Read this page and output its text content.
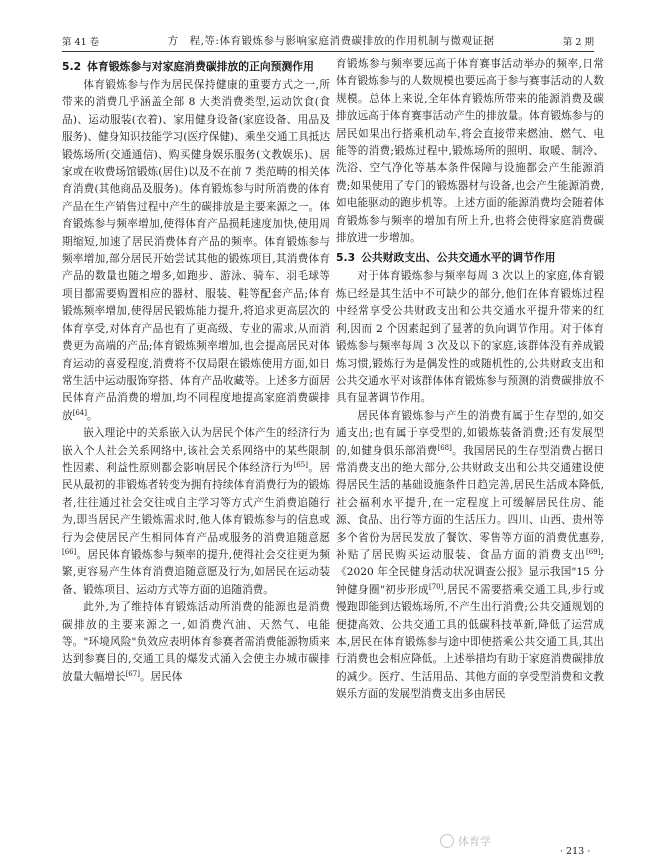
第 41 卷	方　程,等:体育锻炼参与影响家庭消费碳排放的作用机制与微观证据	第 2 期
5.2 体育锻炼参与对家庭消费碳排放的正向预测作用

体育锻炼参与作为居民保持健康的重要方式之一,所带来的消费几乎涵盖全部 8 大类消费类型,运动饮食(食品)、运动服装(衣着)、家用健身设备(家庭设备、用品及服务)、健身知识技能学习(医疗保健)、乘坐交通工具抵达锻炼场所(交通通信)、购买健身娱乐服务(文教娱乐)、居家或在收费场馆锻炼(居住)以及不在前 7 类范畴的相关体育消费(其他商品及服务)。体育锻炼参与时所消费的体育产品在生产销售过程中产生的碳排放是主要来源之一。体育锻炼参与频率增加,使得体育产品损耗速度加快,使用周期缩短,加速了居民消费体育产品的频率。体育锻炼参与频率增加,部分居民开始尝试其他的锻炼项目,其消费体育产品的数量也随之增多,如跑步、游泳、骑车、羽毛球等项目都需要购置相应的器材、服装、鞋等配套产品;体育锻炼频率增加,使得居民锻炼能力提升,将追求更高层次的体育享受,对体育产品也有了更高级、专业的需求,从而消费更为高端的产品;体育锻炼频率增加,也会提高居民对体育运动的喜爱程度,消费将不仅局限在锻炼使用方面,如日常生活中运动服饰穿搭、体育产品收藏等。上述多方面居民体育产品消费的增加,均不同程度地提高家庭消费碳排放[64]。

嵌入理论中的关系嵌入认为居民个体产生的经济行为嵌入个人社会关系网络中,该社会关系网络中的某些限制性因素、利益性原则都会影响居民个体经济行为[65]。居民从最初的非锻炼者转变为拥有持续体育消费行为的锻炼者,往往通过社会交往或自主学习等方式产生消费追随行为,即当居民产生锻炼需求时,他人体育锻炼参与的信息或行为会使居民产生相同体育产品或服务的消费追随意愿[66]。居民体育锻炼参与频率的提升,使得社会交往更为频繁,更容易产生体育消费追随意愿及行为,如居民在运动装备、锻炼项目、运动方式等方面的追随消费。

此外,为了维持体育锻炼活动所消费的能源也是消费碳排放的主要来源之一,如消费汽油、天然气、电能等。"环境风险"负效应表明体育参赛者需消费能源物质来达到参赛目的,交通工具的爆发式涌入会使主办城市碳排放量大幅增长[67]。居民体

育锻炼参与频率要远高于体育赛事活动举办的频率,日常体育锻炼参与的人数规模也要远高于参与赛事活动的人数规模。总体上来说,全年体育锻炼所带来的能源消费及碳排放远高于体育赛事活动产生的排放量。体育锻炼参与的居民如果出行搭乘机动车,将会直接带来燃油、燃气、电能等的消费;锻炼过程中,锻炼场所的照明、取暖、制冷、洗浴、空气净化等基本条件保障与设施都会产生能源消费;如果使用了专门的锻炼器材与设备,也会产生能源消费,如电能驱动的跑步机等。上述方面的能源消费均会随着体育锻炼参与频率的增加有所上升,也将会使得家庭消费碳排放进一步增加。

5.3 公共财政支出、公共交通水平的调节作用

对于体育锻炼参与频率每周 3 次以上的家庭,体育锻炼已经是其生活中不可缺少的部分,他们在体育锻炼过程中经常享受公共财政支出和公共交通水平提升带来的红利,因而 2 个因素起到了显著的负向调节作用。对于体育锻炼参与频率每周 3 次及以下的家庭,该群体没有养成锻炼习惯,锻炼行为是偶发性的或随机性的,公共财政支出和公共交通水平对该群体体育锻炼参与预测的消费碳排放不具有显著调节作用。

居民体育锻炼参与产生的消费有属于生存型的,如交通支出;也有属于享受型的,如锻炼装备消费;还有发展型的,如健身俱乐部消费[68]。我国居民的生存型消费占据日常消费支出的绝大部分,公共财政支出和公共交通建设使得居民生活的基础设施条件日趋完善,居民生活成本降低,社会福利水平提升,在一定程度上可缓解居民住房、能源、食品、出行等方面的生活压力。四川、山西、贵州等多个省份为居民发放了餐饮、零售等方面的消费优惠券,补贴了居民购买运动服装、食品方面的消费支出[69];《2020 年全民健身活动状况调查公报》显示我国"15 分钟健身圈"初步形成[70],居民不需要搭乘交通工具,步行或慢跑即能到达锻炼场所,不产生出行消费;公共交通规划的便捷高效、公共交通工具的低碳科技革新,降低了运营成本,居民在体育锻炼参与途中即使搭乘公共交通工具,其出行消费也会相应降低。上述举措均有助于家庭消费碳排放的减少。医疗、生活用品、其他方面的享受型消费和文教娱乐方面的发展型消费支出多由居民

体育学
· 213 ·
